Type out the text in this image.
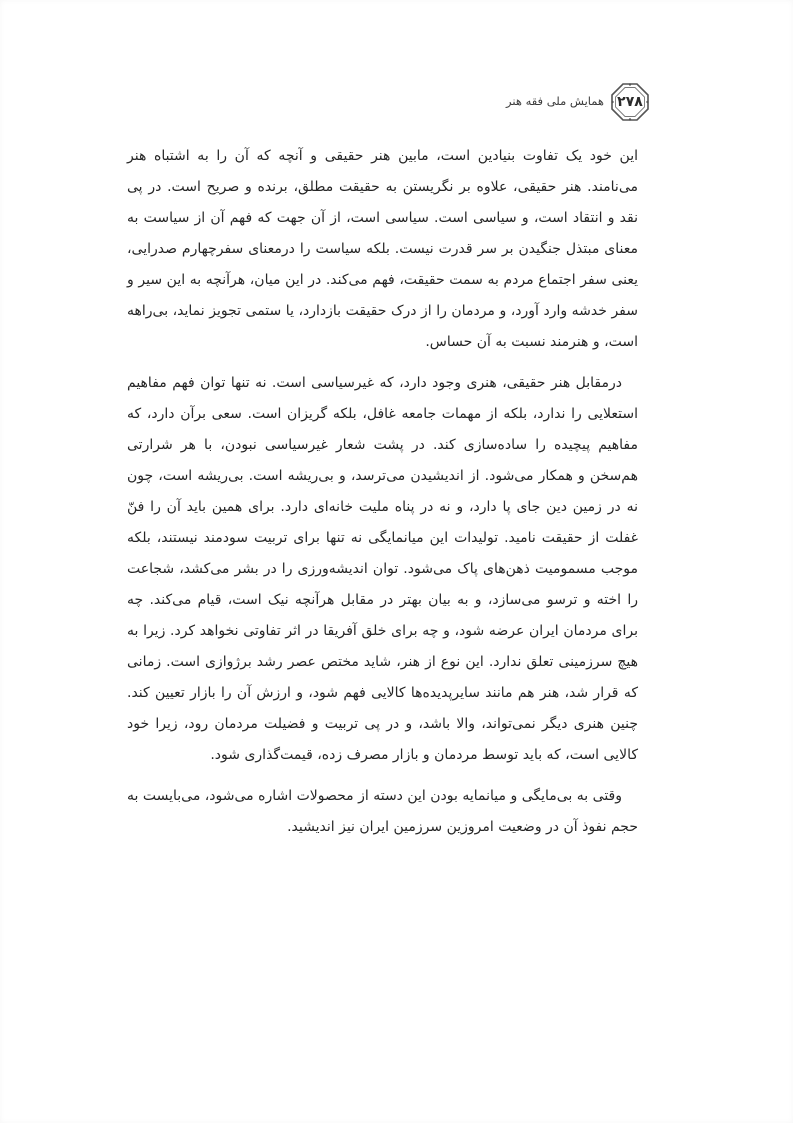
همایش ملی فقه هنر ۲۷۸

این خود یک تفاوت بنیادین است، مابین هنر حقیقی و آنچه که آن را به اشتباه هنر می‌نامند. هنر حقیقی، علاوه بر نگریستن به حقیقت مطلق، برنده و صریح است. در پی نقد و انتقاد است، و سیاسی است. سیاسی است، از آن جهت که فهم آن از سیاست به معنای مبتذل جنگیدن بر سر قدرت نیست. بلکه سیاست را درمعنای سفرچهارم صدرایی، یعنی سفر اجتماع مردم به سمت حقیقت، فهم می‌کند. در این میان، هرآنچه به این سیر و سفر خدشه وارد آورد، و مردمان را از درک حقیقت بازدارد، یا ستمی تجویز نماید، بی‌راهه است، و هنرمند نسبت به آن حساس.

درمقابل هنر حقیقی، هنری وجود دارد، که غیرسیاسی است. نه تنها توان فهم مفاهیم استعلایی را ندارد، بلکه از مهمات جامعه غافل، بلکه گریزان است. سعی برآن دارد، که مفاهیم پیچیده را ساده‌سازی کند. در پشت شعار غیرسیاسی نبودن، با هر شرارتی هم‌سخن و همکار می‌شود. از اندیشیدن می‌ترسد، و بی‌ریشه است. بی‌ریشه است، چون نه در زمین دین جای پا دارد، و نه در پناه ملیت خانه‌ای دارد. برای همین باید آن را فنّ غفلت از حقیقت نامید. تولیدات این میانمایگی نه تنها برای تربیت سودمند نیستند، بلکه موجب مسمومیت ذهن‌های پاک می‌شود. توان اندیشه‌ورزی را در بشر می‌کشد، شجاعت را اخته و ترسو می‌سازد، و به بیان بهتر در مقابل هرآنچه نیک است، قیام می‌کند. چه برای مردمان ایران عرضه شود، و چه برای خلق آفریقا در اثر تفاوتی نخواهد کرد. زیرا به هیچ سرزمینی تعلق ندارد. این نوع از هنر، شاید مختص عصر رشد برژوازی است. زمانی که قرار شد، هنر هم مانند سایرپدیده‌ها کالایی فهم شود، و ارزش آن را بازار تعیین کند. چنین هنری دیگر نمی‌تواند، والا باشد، و در پی تربیت و فضیلت مردمان رود، زیرا خود کالایی است، که باید توسط مردمان و بازار مصرف زده، قیمت‌گذاری شود.

وقتی به بی‌مایگی و میانمایه بودن این دسته از محصولات اشاره می‌شود، می‌بایست به حجم نفوذ آن در وضعیت امروزین سرزمین ایران نیز اندیشید.
